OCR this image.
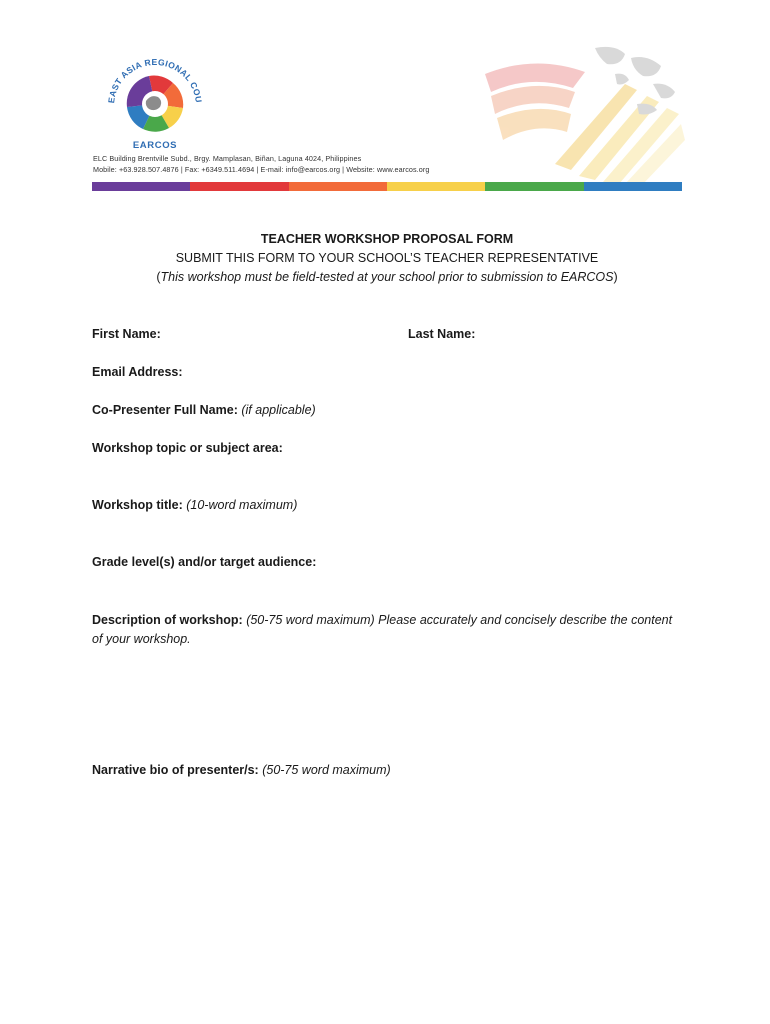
EAST ASIA REGIONAL COU
EARCOS
ELC Building Brentville Subd., Brgy. Mamplasan, Biñan, Laguna 4024, Philippines
Mobile: +63.928.507.4876 | Fax: +6349.511.4694 | E-mail: info@earcos.org | Website: www.earcos.org
TEACHER WORKSHOP PROPOSAL FORM
SUBMIT THIS FORM TO YOUR SCHOOL’S TEACHER REPRESENTATIVE
(This workshop must be field-tested at your school prior to submission to EARCOS)
First Name:	Last Name:
Email Address:
Co-Presenter Full Name: (if applicable)
Workshop topic or subject area:
Workshop title: (10-word maximum)
Grade level(s) and/or target audience:
Description of workshop: (50-75 word maximum) Please accurately and concisely describe the content of your workshop.
Narrative bio of presenter/s: (50-75 word maximum)
